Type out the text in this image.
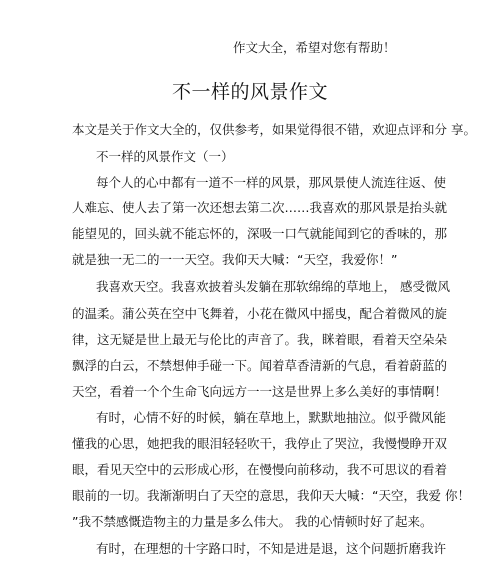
作文大全，希望对您有帮助！
不一样的风景作文
本文是关于作文大全的，仅供参考，如果觉得很不错，欢迎点评和分 享。
不一样的风景作文（一）
每个人的心中都有一道不一样的风景，那风景使人流连往返、使
人难忘、使人去了第一次还想去第二次……我喜欢的那风景是抬头就
能望见的，回头就不能忘怀的，深吸一口气就能闻到它的香味的，那
就是独一无二的一一天空。我仰天大喊：“天空，我爱你！”
我喜欢天空。我喜欢披着头发躺在那软绵绵的草地上， 感受微风
的温柔。蒲公英在空中飞舞着，小花在微风中摇曳，配合着微风的旋
律，这无疑是世上最无与伦比的声音了。我，眯着眼，看着天空朵朵
飘浮的白云，不禁想伸手碰一下。闻着草香清新的气息，看着蔚蓝的
天空，看着一个个生命飞向远方一一这是世界上多么美好的事情啊！
有时，心情不好的时候，躺在草地上，默默地抽泣。似乎微风能
懂我的心思，她把我的眼泪轻轻吹干，我停止了哭泣，我慢慢睁开双
眼，看见天空中的云形成心形，在慢慢向前移动，我不可思议的看着
眼前的一切。我渐渐明白了天空的意思，我仰天大喊：“天空，我爱 你！
”我不禁感慨造物主的力量是多么伟大。 我的心情顿时好了起来。
有时，在理想的十字路口时，不知是进是退，这个问题折磨我许
